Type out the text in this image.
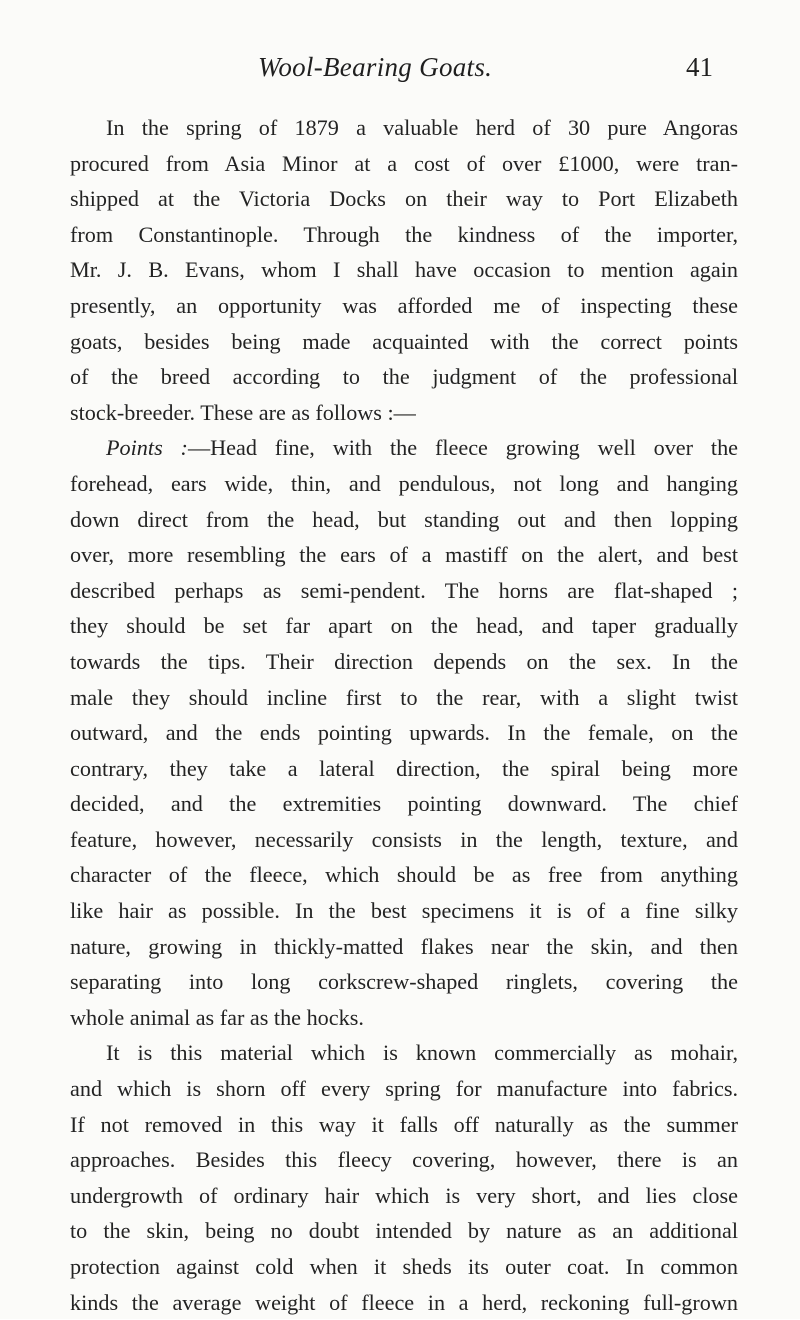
Wool-Bearing Goats.	41
In the spring of 1879 a valuable herd of 30 pure Angoras
procured from Asia Minor at a cost of over £1000, were tran-
shipped at the Victoria Docks on their way to Port Elizabeth
from Constantinople. Through the kindness of the importer,
Mr. J. B. Evans, whom I shall have occasion to mention again
presently, an opportunity was afforded me of inspecting these
goats, besides being made acquainted with the correct points
of the breed according to the judgment of the professional
stock-breeder. These are as follows :—
Points :—Head fine, with the fleece growing well over the
forehead, ears wide, thin, and pendulous, not long and hanging
down direct from the head, but standing out and then lopping
over, more resembling the ears of a mastiff on the alert, and best
described perhaps as semi-pendent. The horns are flat-shaped ;
they should be set far apart on the head, and taper gradually
towards the tips. Their direction depends on the sex. In the
male they should incline first to the rear, with a slight twist
outward, and the ends pointing upwards. In the female, on the
contrary, they take a lateral direction, the spiral being more
decided, and the extremities pointing downward. The chief
feature, however, necessarily consists in the length, texture, and
character of the fleece, which should be as free from anything
like hair as possible. In the best specimens it is of a fine silky
nature, growing in thickly-matted flakes near the skin, and then
separating into long corkscrew-shaped ringlets, covering the
whole animal as far as the hocks.
It is this material which is known commercially as mohair,
and which is shorn off every spring for manufacture into fabrics.
If not removed in this way it falls off naturally as the summer
approaches. Besides this fleecy covering, however, there is an
undergrowth of ordinary hair which is very short, and lies close
to the skin, being no doubt intended by nature as an additional
protection against cold when it sheds its outer coat. In common
kinds the average weight of fleece in a herd, reckoning full-grown
